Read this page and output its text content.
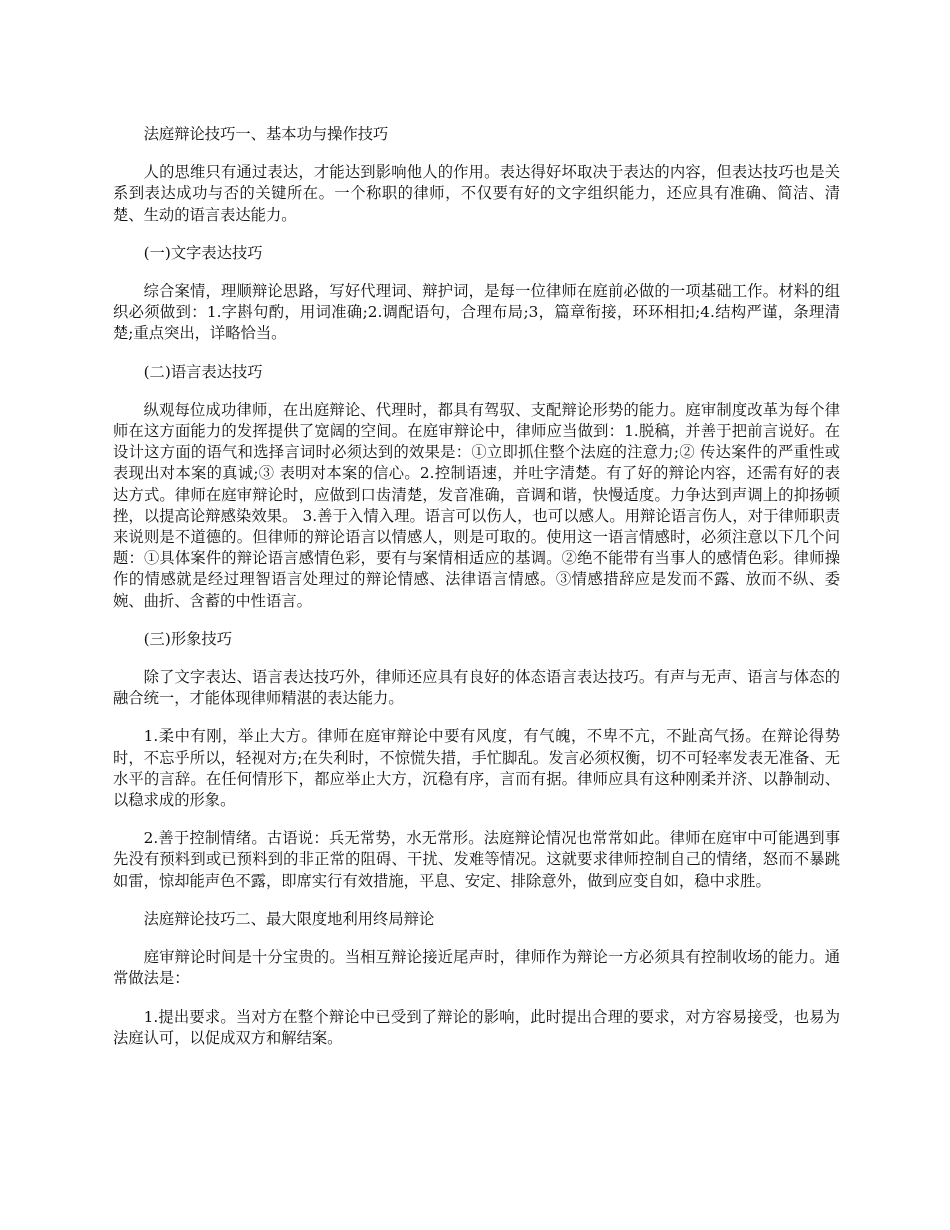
法庭辩论技巧一、基本功与操作技巧

人的思维只有通过表达，才能达到影响他人的作用。表达得好坏取决于表达的内容，但表达技巧也是关系到表达成功与否的关键所在。一个称职的律师，不仅要有好的文字组织能力，还应具有准确、简洁、清楚、生动的语言表达能力。

(一)文字表达技巧

综合案情，理顺辩论思路，写好代理词、辩护词，是每一位律师在庭前必做的一项基础工作。材料的组织必须做到：1.字斟句酌，用词准确;2.调配语句，合理布局;3，篇章衔接，环环相扣;4.结构严谨，条理清楚;重点突出，详略恰当。

(二)语言表达技巧

纵观每位成功律师，在出庭辩论、代理时，都具有驾驭、支配辩论形势的能力。庭审制度改革为每个律师在这方面能力的发挥提供了宽阔的空间。在庭审辩论中，律师应当做到：1.脱稿，并善于把前言说好。在设计这方面的语气和选择言词时必须达到的效果是：①立即抓住整个法庭的注意力;② 传达案件的严重性或表现出对本案的真诚;③ 表明对本案的信心。2.控制语速，并吐字清楚。有了好的辩论内容，还需有好的表达方式。律师在庭审辩论时，应做到口齿清楚，发音准确，音调和谐，快慢适度。力争达到声调上的抑扬顿挫，以提高论辩感染效果。 3.善于入情入理。语言可以伤人，也可以感人。用辩论语言伤人，对于律师职责来说则是不道德的。但律师的辩论语言以情感人，则是可取的。使用这一语言情感时，必须注意以下几个问题：①具体案件的辩论语言感情色彩，要有与案情相适应的基调。②绝不能带有当事人的感情色彩。律师操作的情感就是经过理智语言处理过的辩论情感、法律语言情感。③情感措辞应是发而不露、放而不纵、委婉、曲折、含蓄的中性语言。

(三)形象技巧

除了文字表达、语言表达技巧外，律师还应具有良好的体态语言表达技巧。有声与无声、语言与体态的融合统一，才能体现律师精湛的表达能力。

1.柔中有刚，举止大方。律师在庭审辩论中要有风度，有气魄，不卑不亢，不趾高气扬。在辩论得势时，不忘乎所以，轻视对方;在失利时，不惊慌失措，手忙脚乱。发言必须权衡，切不可轻率发表无准备、无水平的言辞。在任何情形下，都应举止大方，沉稳有序，言而有据。律师应具有这种刚柔并济、以静制动、以稳求成的形象。

2.善于控制情绪。古语说：兵无常势，水无常形。法庭辩论情况也常常如此。律师在庭审中可能遇到事先没有预料到或已预料到的非正常的阻碍、干扰、发难等情况。这就要求律师控制自己的情绪，怒而不暴跳如雷，惊却能声色不露，即席实行有效措施，平息、安定、排除意外，做到应变自如，稳中求胜。

法庭辩论技巧二、最大限度地利用终局辩论

庭审辩论时间是十分宝贵的。当相互辩论接近尾声时，律师作为辩论一方必须具有控制收场的能力。通常做法是：

1.提出要求。当对方在整个辩论中已受到了辩论的影响，此时提出合理的要求，对方容易接受，也易为法庭认可，以促成双方和解结案。
